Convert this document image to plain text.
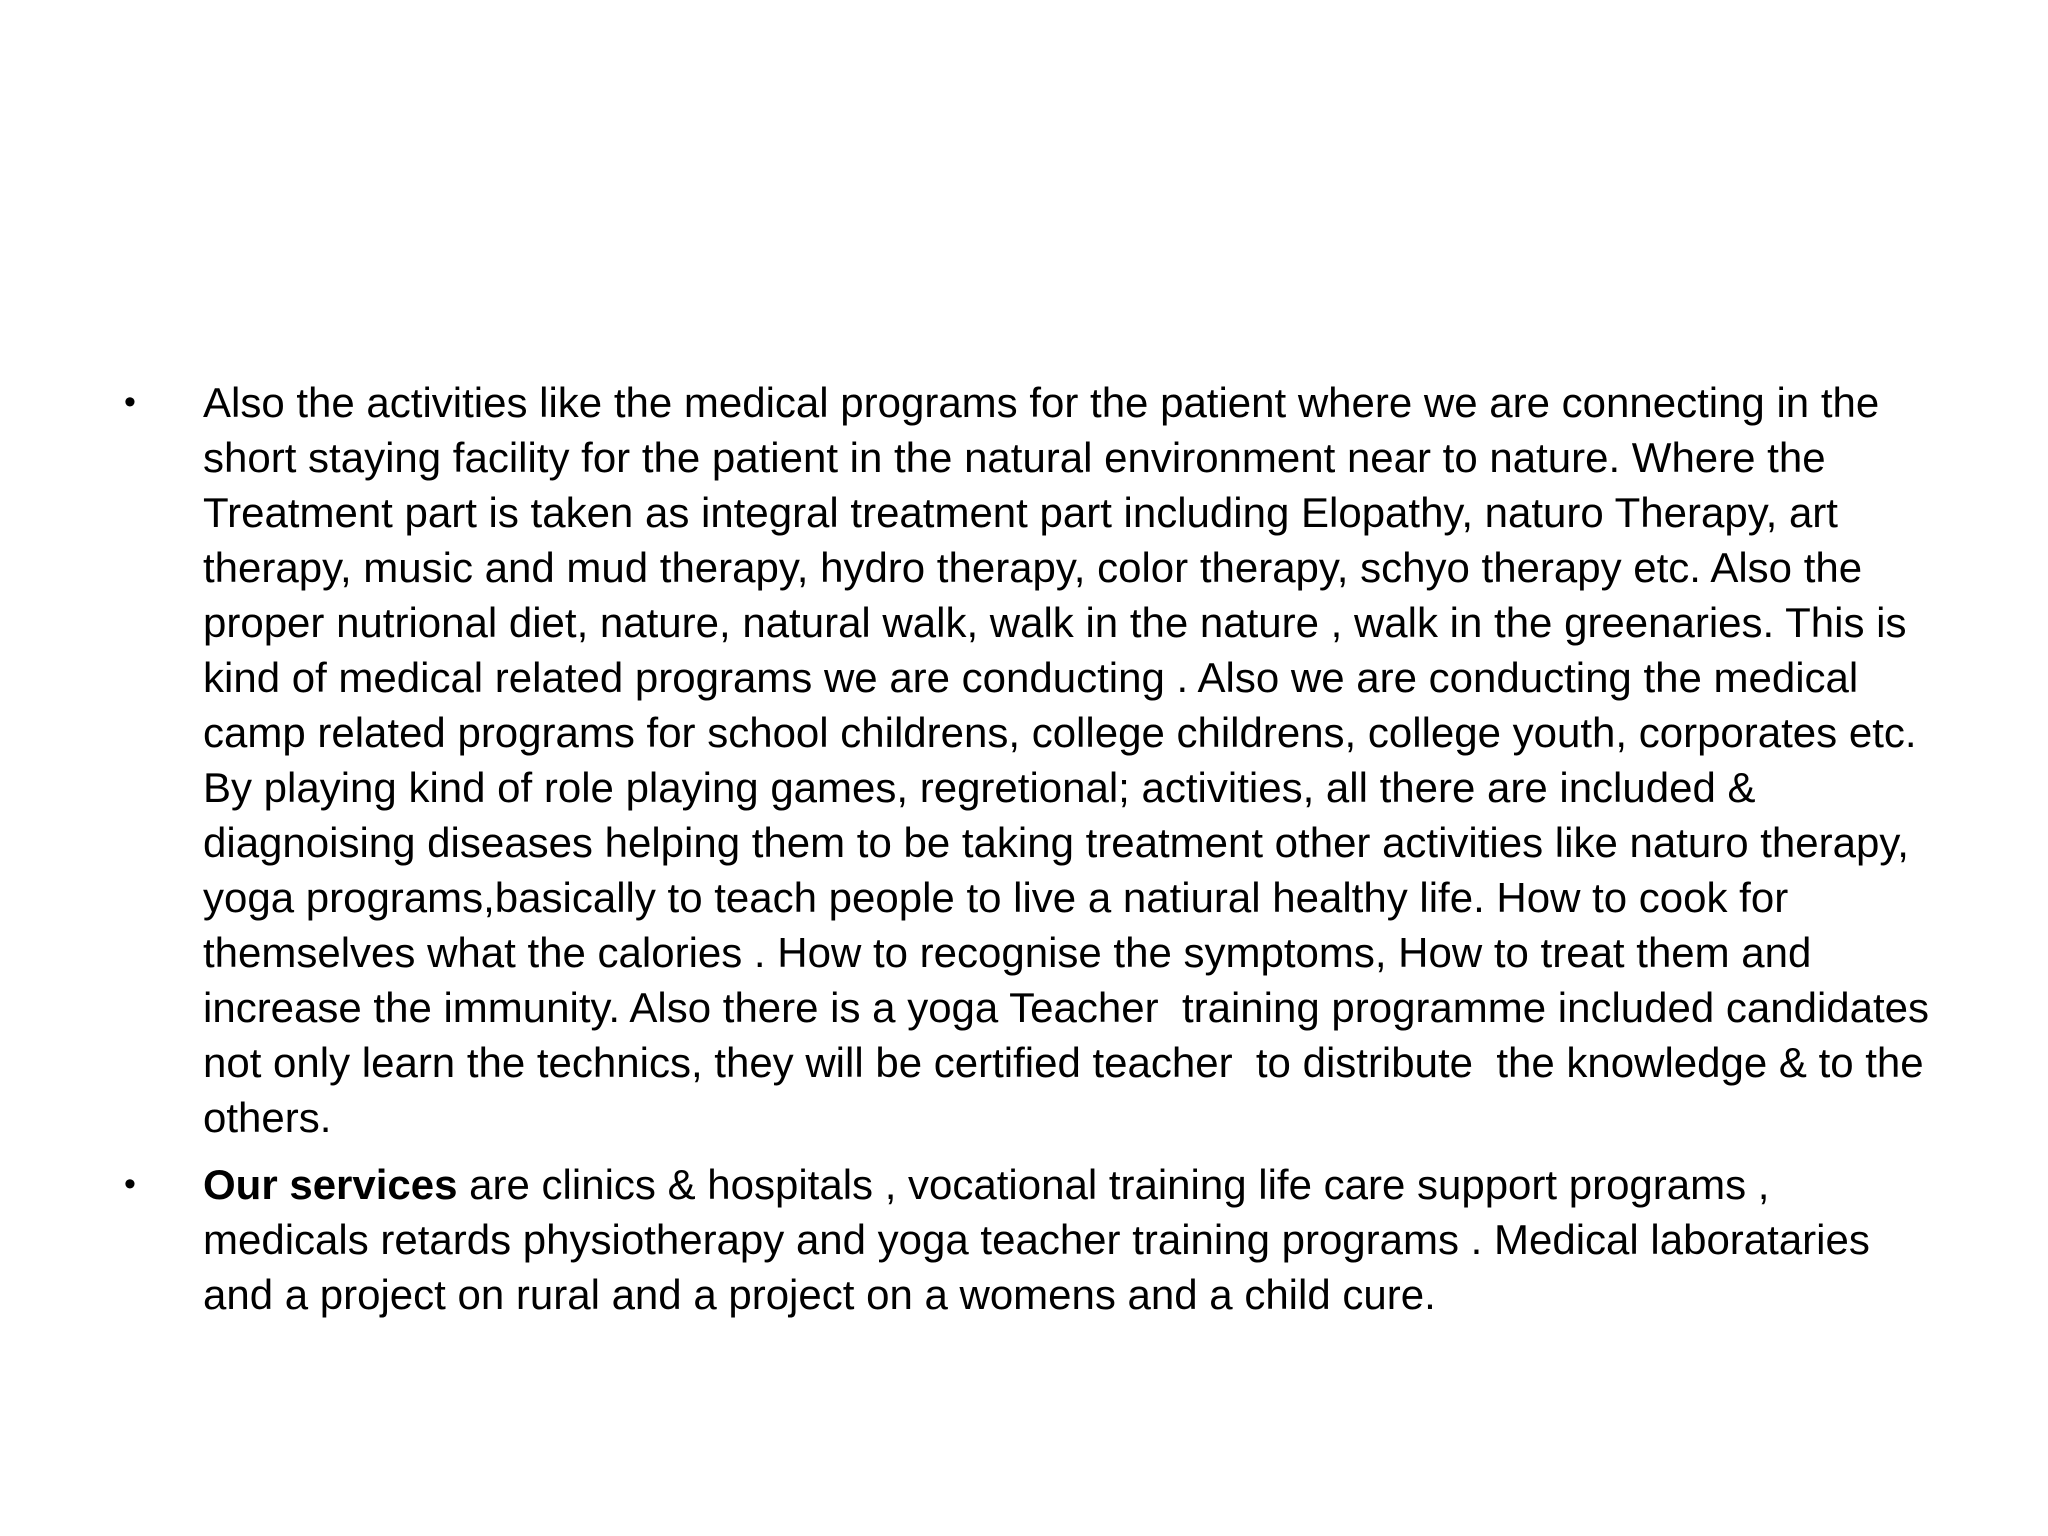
• Also the activities like the medical programs for the patient where we are connecting in the short staying facility for the patient in the natural environment near to nature. Where the Treatment part is taken as integral treatment part including Elopathy, naturo Therapy, art therapy, music and mud therapy, hydro therapy, color therapy, schyo therapy etc. Also the proper nutrional diet, nature, natural walk, walk in the nature , walk in the greenaries. This is kind of medical related programs we are conducting . Also we are conducting the medical camp related programs for school childrens, college childrens, college youth, corporates etc. By playing kind of role playing games, regretional; activities, all there are included & diagnoising diseases helping them to be taking treatment other activities like naturo therapy, yoga programs,basically to teach people to live a natiural healthy life. How to cook for themselves what the calories . How to recognise the symptoms, How to treat them and increase the immunity. Also there is a yoga Teacher  training programme included candidates not only learn the technics, they will be certified teacher  to distribute  the knowledge & to the others.
• Our services are clinics & hospitals , vocational training life care support programs , medicals retards physiotherapy and yoga teacher training programs . Medical laborataries and a project on rural and a project on a womens and a child cure.
